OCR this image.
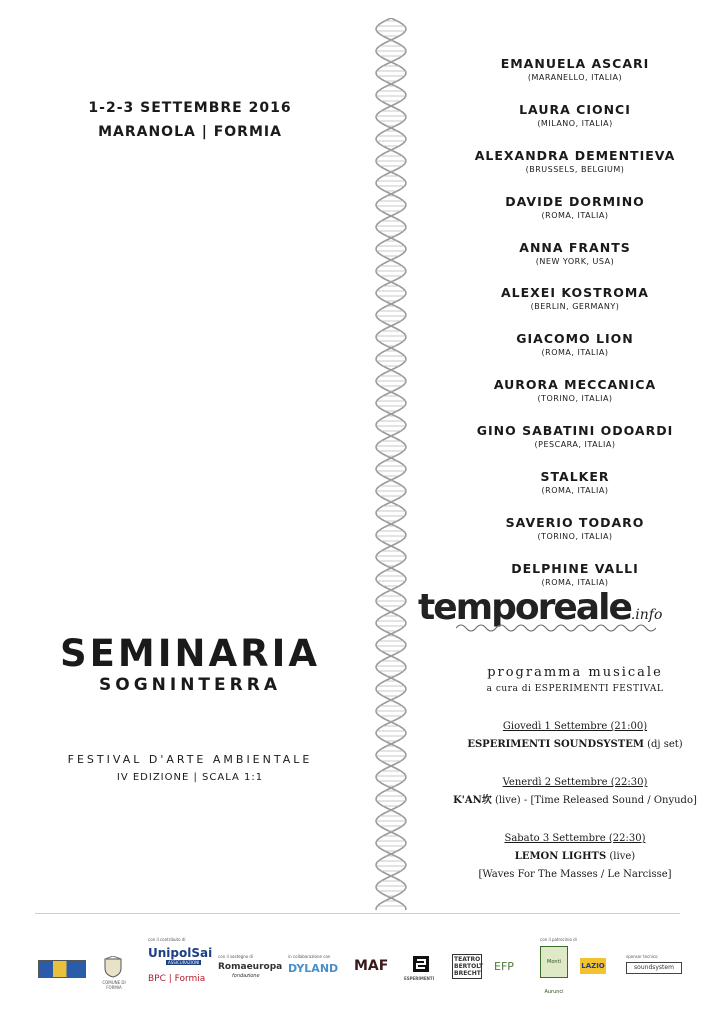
1-2-3 SETTEMBRE 2016
MARANOLA | FORMIA
SEMINARIA
SOGNINTERRA
FESTIVAL D'ARTE AMBIENTALE
IV EDIZIONE | SCALA 1:1
EMANUELA ASCARI
(MARANELLO, ITALIA)
LAURA CIONCI
(MILANO, ITALIA)
ALEXANDRA DEMENTIEVA
(BRUSSELS, BELGIUM)
DAVIDE DORMINO
(ROMA, ITALIA)
ANNA FRANTS
(NEW YORK, USA)
ALEXEI KOSTROMA
(BERLIN, GERMANY)
GIACOMO LION
(ROMA, ITALIA)
AURORA MECCANICA
(TORINO, ITALIA)
GINO SABATINI ODOARDI
(PESCARA, ITALIA)
STALKER
(ROMA, ITALIA)
SAVERIO TODARO
(TORINO, ITALIA)
DELPHINE VALLI
(ROMA, ITALIA)
temporeale.info
programma musicale
a cura di ESPERIMENTI FESTIVAL
Giovedì 1 Settembre (21:00)
ESPERIMENTI SOUNDSYSTEM (dj set)
Venerdì 2 Settembre (22:30)
K'AN坎 (live) - [Time Released Sound / Onyudo]
Sabato 3 Settembre (22:30)
LEMON LIGHTS (live)
[Waves For The Masses / Le Narcisse]
COMUNE DI FORMIA
con il contributo di
UnipolSai
ASSICURAZIONI
BPC | Formia
con il sostegno di
Romaeuropa
fondazione
in collaborazione con
DYLAND MAF
ESPERIMENTI
TEATRO BERTOLT BRECHT
EFP
con il patrocinio di
Monti Aurunci
LAZIO
sponsor tecnico
soundsystem
